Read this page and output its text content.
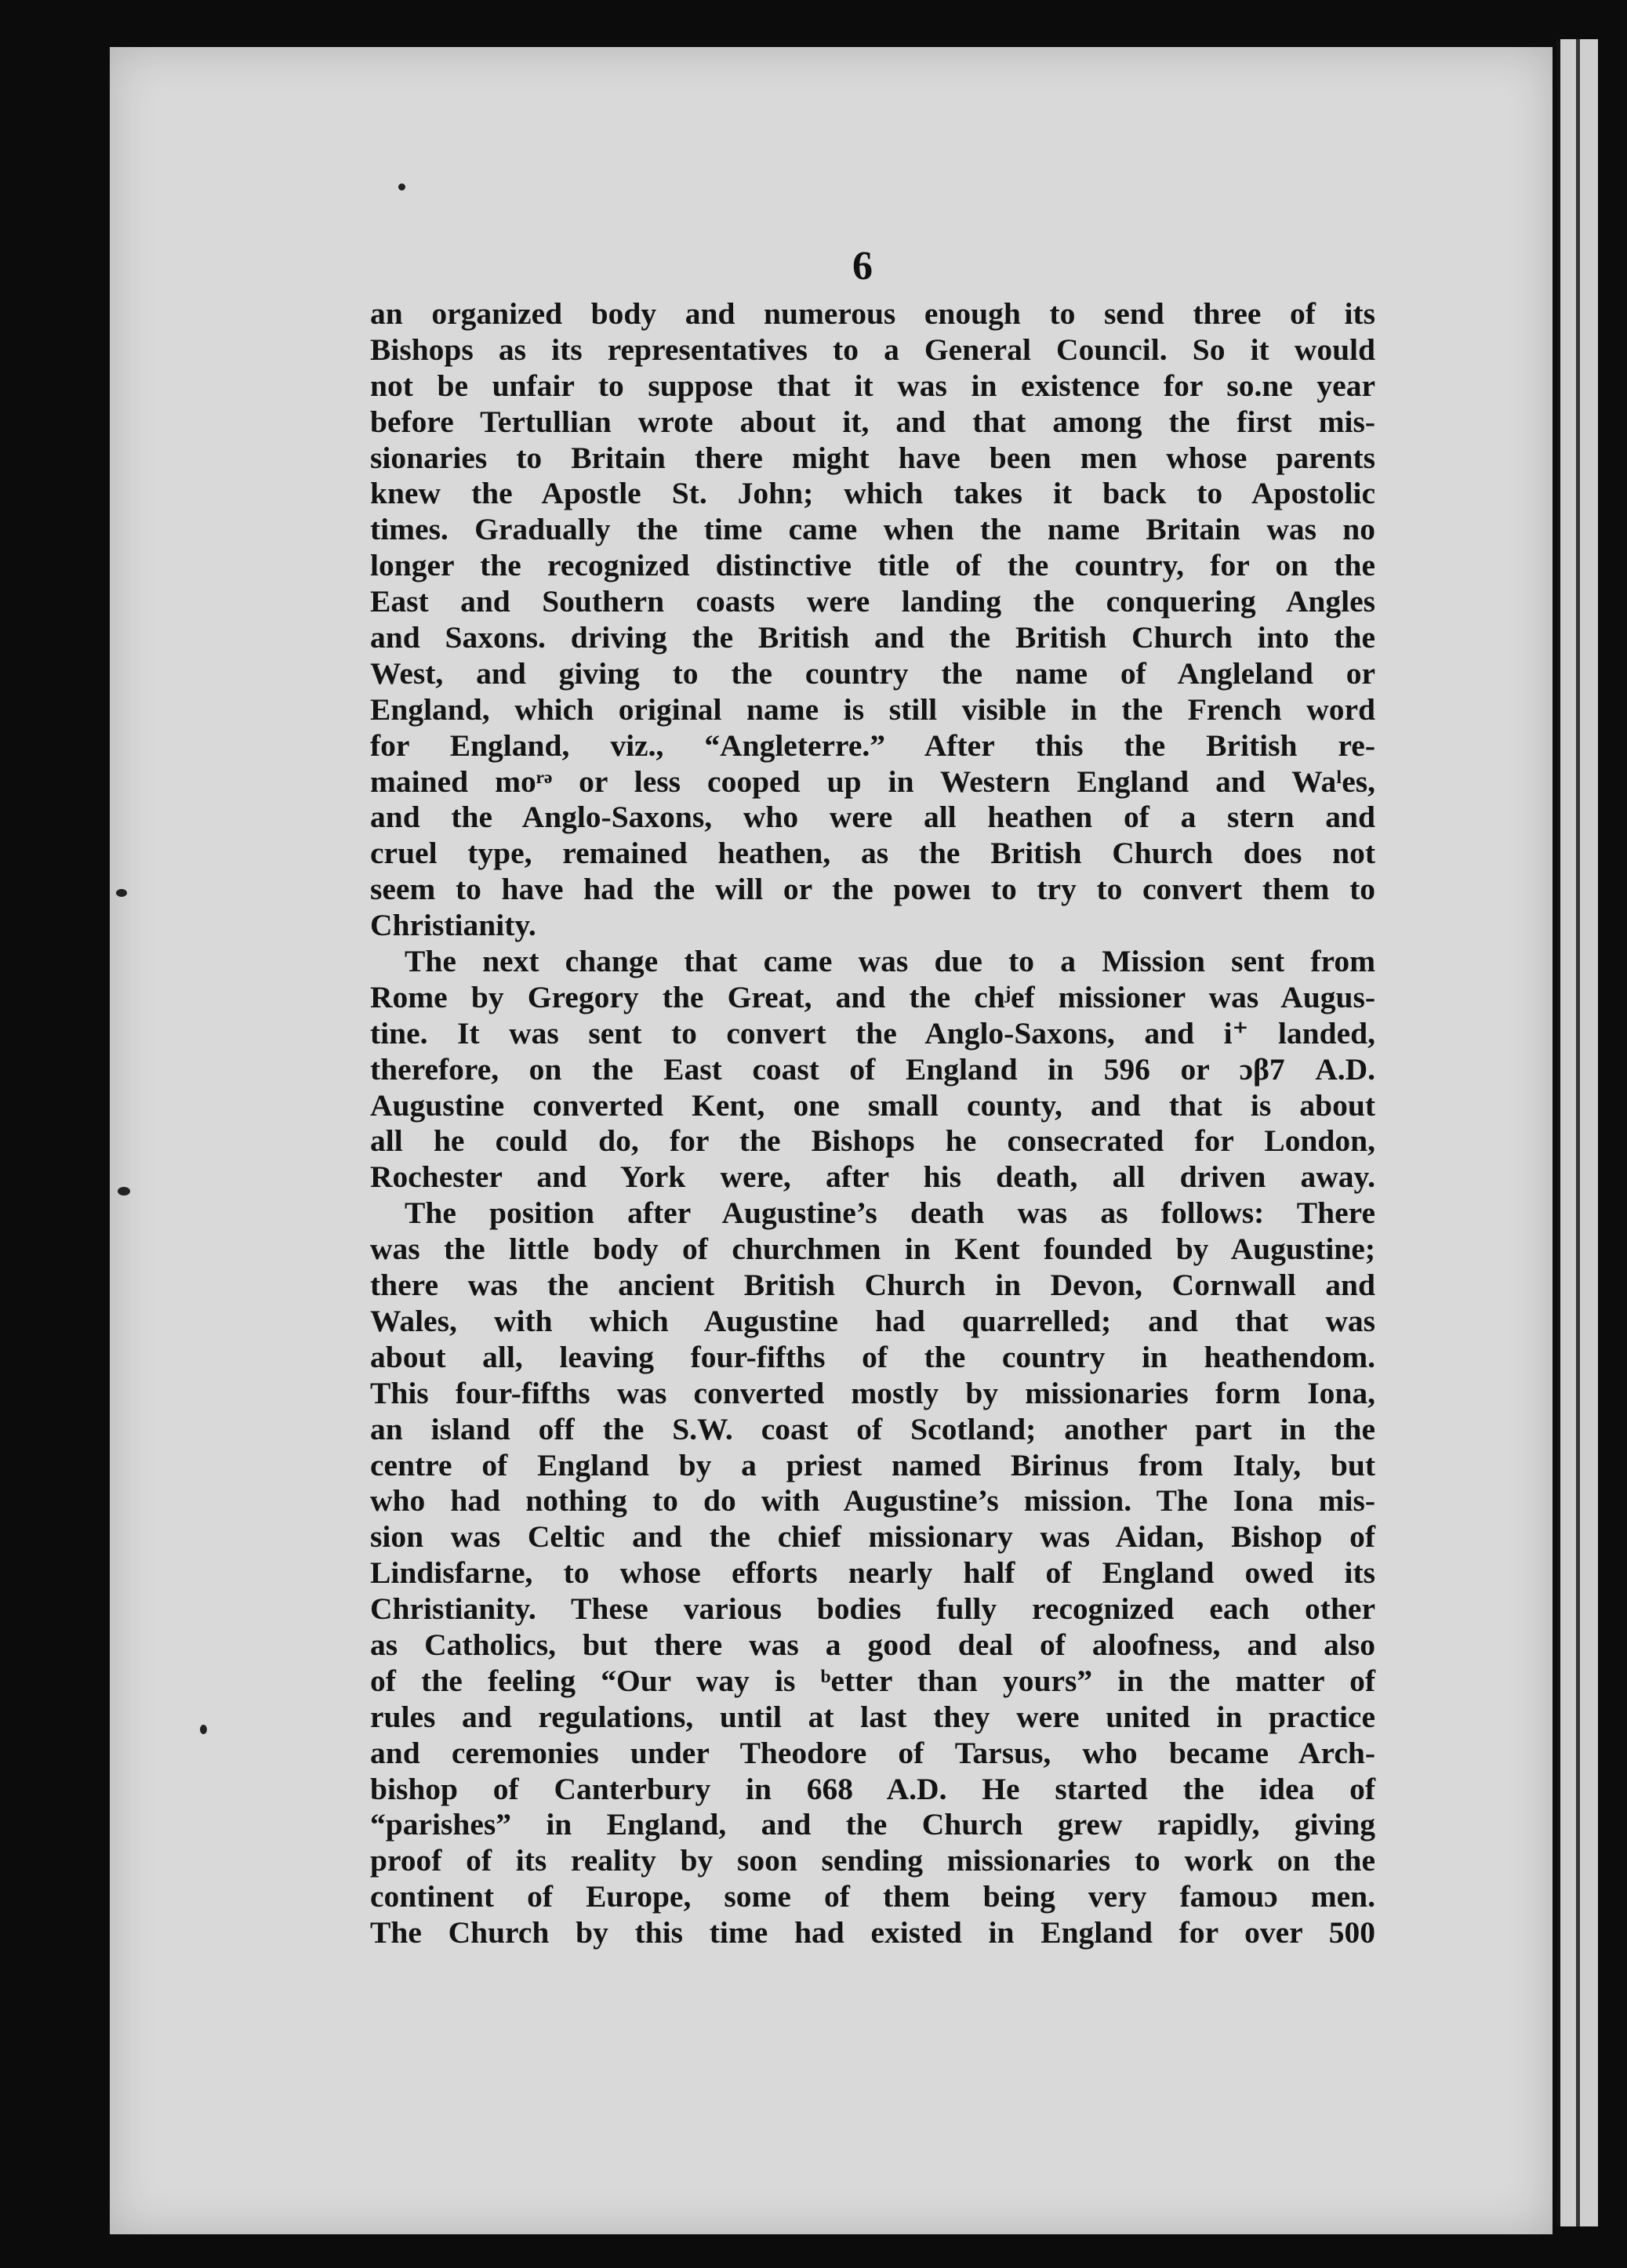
6
an organized body and numerous enough to send three of its
Bishops as its representatives to a General Council. So it would
not be unfair to suppose that it was in existence for so.ne year
before Tertullian wrote about it, and that among the first mis-
sionaries to Britain there might have been men whose parents
knew the Apostle St. John; which takes it back to Apostolic
times. Gradually the time came when the name Britain was no
longer the recognized distinctive title of the country, for on the
East and Southern coasts were landing the conquering Angles
and Saxons. driving the British and the British Church into the
West, and giving to the country the name of Angleland or
England, which original name is still visible in the French word
for England, viz., “Angleterre.” After this the British re-
mained moʳᵊ or less cooped up in Western England and Waˡes,
and the Anglo-Saxons, who were all heathen of a stern and
cruel type, remained heathen, as the British Church does not
seem to have had the will or the poweı to try to convert them to
Christianity.
The next change that came was due to a Mission sent from
Rome by Gregory the Great, and the chʲef missioner was Augus-
tine. It was sent to convert the Anglo-Saxons, and i⁺ landed,
therefore, on the East coast of England in 596 or ɔβ7 A.D.
Augustine converted Kent, one small county, and that is about
all he could do, for the Bishops he consecrated for London,
Rochester and York were, after his death, all driven away.
The position after Augustine’s death was as follows: There
was the little body of churchmen in Kent founded by Augustine;
there was the ancient British Church in Devon, Cornwall and
Wales, with which Augustine had quarrelled; and that was
about all, leaving four-fifths of the country in heathendom.
This four-fifths was converted mostly by missionaries form Iona,
an island off the S.W. coast of Scotland; another part in the
centre of England by a priest named Birinus from Italy, but
who had nothing to do with Augustine’s mission. The Iona mis-
sion was Celtic and the chief missionary was Aidan, Bishop of
Lindisfarne, to whose efforts nearly half of England owed its
Christianity. These various bodies fully recognized each other
as Catholics, but there was a good deal of aloofness, and also
of the feeling “Our way is ᵇetter than yours” in the matter of
rules and regulations, until at last they were united in practice
and ceremonies under Theodore of Tarsus, who became Arch-
bishop of Canterbury in 668 A.D. He started the idea of
“parishes” in England, and the Church grew rapidly, giving
proof of its reality by soon sending missionaries to work on the
continent of Europe, some of them being very famouɔ men.
The Church by this time had existed in England for over 500
